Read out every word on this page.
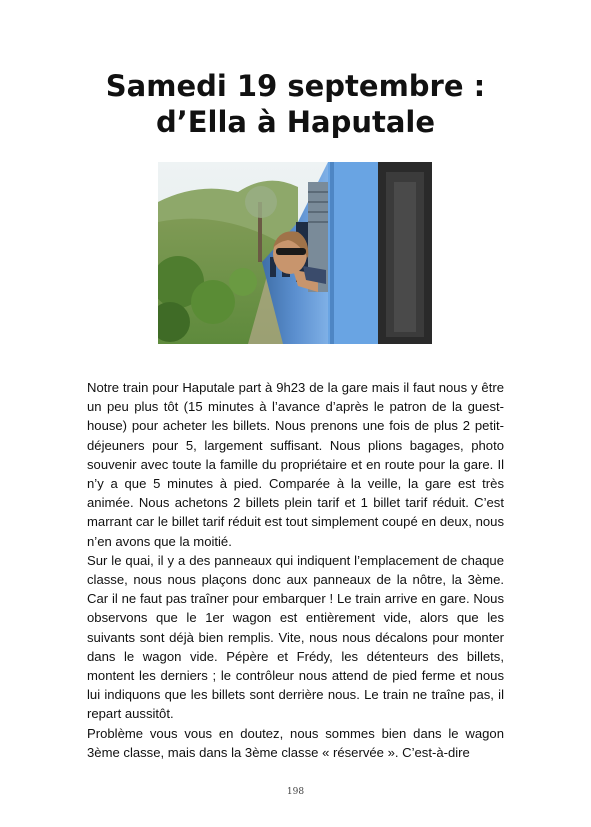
Samedi 19 septembre :
d’Ella à Haputale

Notre train pour Haputale part à 9h23 de la gare mais il faut nous y être un peu plus tôt (15 minutes à l’avance d’après le patron de la guest-house) pour acheter les billets. Nous prenons une fois de plus 2 petit-déjeuners pour 5, largement suffisant. Nous plions bagages, photo souvenir avec toute la famille du propriétaire et en route pour la gare. Il n’y a que 5 minutes à pied. Comparée à la veille, la gare est très animée. Nous achetons 2 billets plein tarif et 1 billet tarif réduit. C’est marrant car le billet tarif réduit est tout simplement coupé en deux, nous n’en avons que la moitié.

Sur le quai, il y a des panneaux qui indiquent l’emplacement de chaque classe, nous nous plaçons donc aux panneaux de la nôtre, la 3ème. Car il ne faut pas traîner pour embarquer ! Le train arrive en gare. Nous observons que le 1er wagon est entièrement vide, alors que les suivants sont déjà bien remplis. Vite, nous nous décalons pour monter dans le wagon vide. Pépère et Frédy, les détenteurs des billets, montent les derniers ; le contrôleur nous attend de pied ferme et nous lui indiquons que les billets sont derrière nous. Le train ne traîne pas, il repart aussitôt.

Problème vous vous en doutez, nous sommes bien dans le wagon 3ème classe, mais dans la 3ème classe « réservée ». C’est-à-dire

198
